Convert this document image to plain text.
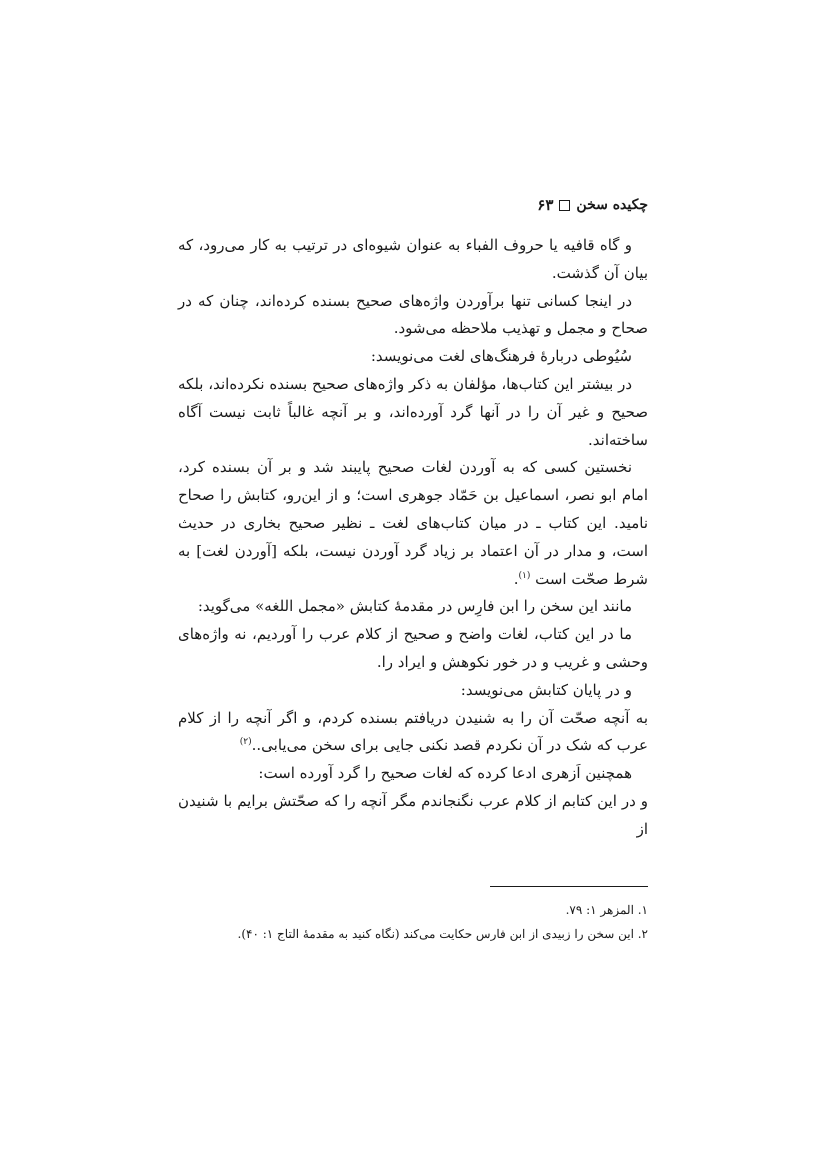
چکیده سخن
۶۳

و گاه قافیه یا حروف الفباء به عنوان شیوه‌ای در ترتیب به کار می‌رود، که بیان آن گذشت.

در اینجا کسانی تنها برآوردن واژه‌های صحیح بسنده کرده‌اند، چنان که در صحاح و مجمل و تهذیب ملاحظه می‌شود.

سُیُوطی دربارهٔ فرهنگ‌های لغت می‌نویسد:

در بیشتر این کتاب‌ها، مؤلفان به ذکر واژه‌های صحیح بسنده نکرده‌اند، بلکه صحیح و غیر آن را در آنها گرد آورده‌اند، و بر آنچه غالباً ثابت نیست آگاه ساخته‌اند.

نخستین کسی که به آوردن لغات صحیح پایبند شد و بر آن بسنده کرد، امام ابو نصر، اسماعیل بن حَمّاد جوهری است؛ و از این‌رو، کتابش را صحاح نامید. این کتاب ـ در میان کتاب‌های لغت ـ نظیر صحیح بخاری در حدیث است، و مدار در آن اعتماد بر زیاد گرد آوردن نیست، بلکه [آوردن لغت] به شرط صحّت است $^{(۱)}$.

مانند این سخن را ابن فارِس در مقدمهٔ کتابش «مجمل اللغه» می‌گوید:

ما در این کتاب، لغات واضح و صحیح از کلام عرب را آوردیم، نه واژه‌های وحشی و غریب و در خور نکوهش و ایراد را.

و در پایان کتابش می‌نویسد:

به آنچه صحّت آن را به شنیدن دریافتم بسنده کردم، و اگر آنچه را از کلام عرب که شک در آن نکردم قصد نکنی جایی برای سخن می‌یابی..$^{(۲)}$

همچنین اَزهری ادعا کرده که لغات صحیح را گرد آورده است:

و در این کتابم از کلام عرب نگنجاندم مگر آنچه را که صحّتش برایم با شنیدن از

۱. المزهر ۱: ۷۹.
۲. این سخن را زبیدی از ابن فارس حکایت می‌کند (نگاه کنید به مقدمهٔ التاج ۱: ۴۰).
